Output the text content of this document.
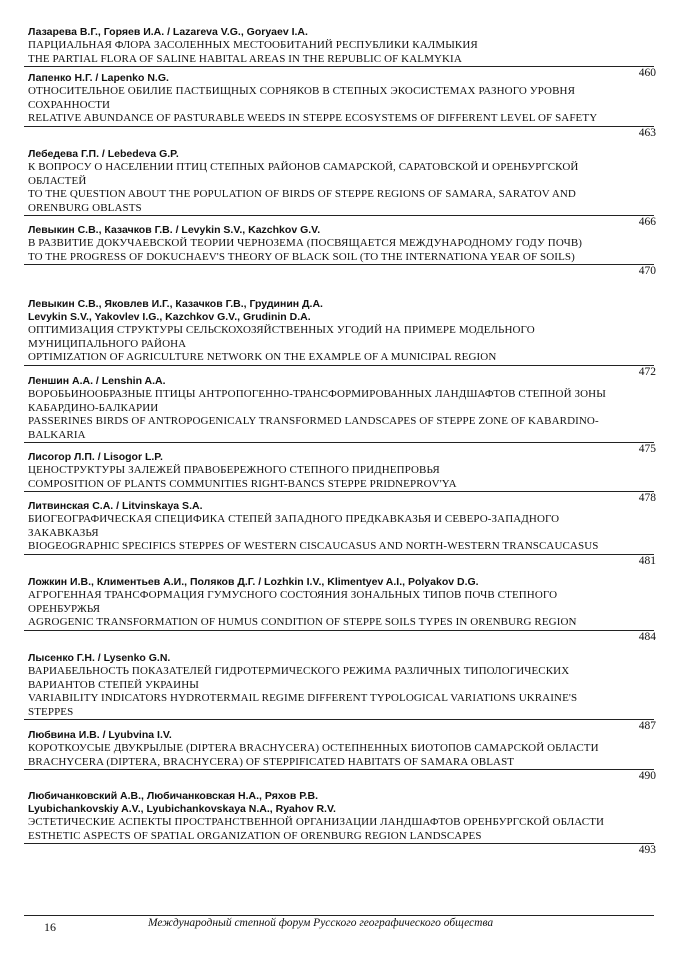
Лазарева В.Г., Горяев И.А. / Lazareva V.G., Goryaev I.A.
ПАРЦИАЛЬНАЯ ФЛОРА ЗАСОЛЕННЫХ МЕСТООБИТАНИЙ РЕСПУБЛИКИ КАЛМЫКИЯ
THE PARTIAL FLORA OF SALINE HABITAL AREAS IN THE REPUBLIC OF KALMYKIA
460
Лапенко Н.Г. / Lapenko N.G.
ОТНОСИТЕЛЬНОЕ ОБИЛИЕ ПАСТБИЩНЫХ СОРНЯКОВ В СТЕПНЫХ ЭКОСИСТЕМАХ РАЗНОГО УРОВНЯ СОХРАННОСТИ
RELATIVE ABUNDANCE OF PASTURABLE WEEDS IN STEPPE ECOSYSTEMS OF DIFFERENT LEVEL OF SAFETY
463
Лебедева Г.П. / Lebedeva G.P.
К ВОПРОСУ О НАСЕЛЕНИИ ПТИЦ СТЕПНЫХ РАЙОНОВ САМАРСКОЙ, САРАТОВСКОЙ И ОРЕНБУРГСКОЙ ОБЛАСТЕЙ
TO THE QUESTION ABOUT THE POPULATION OF BIRDS OF STEPPE REGIONS OF SAMARA, SARATOV AND ORENBURG OBLASTS
466
Левыкин С.В., Казачков Г.В. / Levykin S.V., Kazchkov G.V.
В РАЗВИТИЕ ДОКУЧАЕВСКОЙ ТЕОРИИ ЧЕРНОЗЕМА (ПОСВЯЩАЕТСЯ МЕЖДУНАРОДНОМУ ГОДУ ПОЧВ)
TO THE PROGRESS OF DOKUCHAEV'S THEORY OF BLACK SOIL (TO THE INTERNATIONA YEAR OF SOILS)
470
Левыкин С.В., Яковлев И.Г., Казачков Г.В., Грудинин Д.А.
Levykin S.V., Yakovlev I.G., Kazchkov G.V., Grudinin D.A.
ОПТИМИЗАЦИЯ СТРУКТУРЫ СЕЛЬСКОХОЗЯЙСТВЕННЫХ УГОДИЙ НА ПРИМЕРЕ МОДЕЛЬНОГО МУНИЦИПАЛЬНОГО РАЙОНА
OPTIMIZATION OF AGRICULTURE NETWORK ON THE EXAMPLE OF A MUNICIPAL REGION
472
Леншин А.А. / Lenshin A.A.
ВОРОБЬИНООБРАЗНЫЕ ПТИЦЫ АНТРОПОГЕННО-ТРАНСФОРМИРОВАННЫХ ЛАНДШАФТОВ СТЕПНОЙ ЗОНЫ КАБАРДИНО-БАЛКАРИИ
PASSERINES BIRDS OF ANTROPOGENICALY TRANSFORMED LANDSCAPES OF STEPPE ZONE OF KABARDINO-BALKARIA
475
Лисогор Л.П. / Lisogor L.P.
ЦЕНОСТРУКТУРЫ ЗАЛЕЖЕЙ ПРАВОБЕРЕЖНОГО СТЕПНОГО ПРИДНЕПРОВЬЯ
COMPOSITION OF PLANTS COMMUNITIES RIGHT-BANCS STEPPE PRIDNEPROV'YA
478
Литвинская С.А. / Litvinskaya S.A.
БИОГЕОГРАФИЧЕСКАЯ СПЕЦИФИКА СТЕПЕЙ ЗАПАДНОГО ПРЕДКАВКАЗЬЯ И СЕВЕРО-ЗАПАДНОГО ЗАКАВКАЗЬЯ
BIOGEOGRAPHIC SPECIFICS STEPPES OF WESTERN CISCAUCASUS AND NORTH-WESTERN TRANSCAUCASUS
481
Ложкин И.В., Климентьев А.И., Поляков Д.Г. / Lozhkin I.V., Klimentyev A.I., Polyakov D.G.
АГРОГЕННАЯ ТРАНСФОРМАЦИЯ ГУМУСНОГО СОСТОЯНИЯ ЗОНАЛЬНЫХ ТИПОВ ПОЧВ СТЕПНОГО ОРЕНБУРЖЬЯ
AGROGENIC TRANSFORMATION OF HUMUS CONDITION OF STEPPE SOILS TYPES IN ORENBURG REGION
484
Лысенко Г.Н. / Lysenko G.N.
ВАРИАБЕЛЬНОСТЬ ПОКАЗАТЕЛЕЙ ГИДРОТЕРМИЧЕСКОГО РЕЖИМА РАЗЛИЧНЫХ ТИПОЛОГИЧЕСКИХ ВАРИАНТОВ СТЕПЕЙ УКРАИНЫ
VARIABILITY INDICATORS HYDROTERMAIL REGIME DIFFERENT TYPOLOGICAL VARIATIONS UKRAINE'S STEPPES
487
Любвина И.В. / Lyubvina I.V.
КОРОТКОУСЫЕ ДВУКРЫЛЫЕ (DIPTERA BRACHYCERA) ОСТЕПНЕННЫХ БИОТОПОВ САМАРСКОЙ ОБЛАСТИ
BRACHYCERA (DIPTERA, BRACHYCERA) OF STEPPIFICATED HABITATS OF SAMARA OBLAST
490
Любичанковский А.В., Любичанковская Н.А., Ряхов Р.В.
Lyubichankovskiy A.V., Lyubichankovskaya N.A., Ryahov R.V.
ЭСТЕТИЧЕСКИЕ АСПЕКТЫ ПРОСТРАНСТВЕННОЙ ОРГАНИЗАЦИИ ЛАНДШАФТОВ ОРЕНБУРГСКОЙ ОБЛАСТИ
ESTHETIC ASPECTS OF SPATIAL ORGANIZATION OF ORENBURG REGION LANDSCAPES
493
16	Международный степной форум Русского географического общества
